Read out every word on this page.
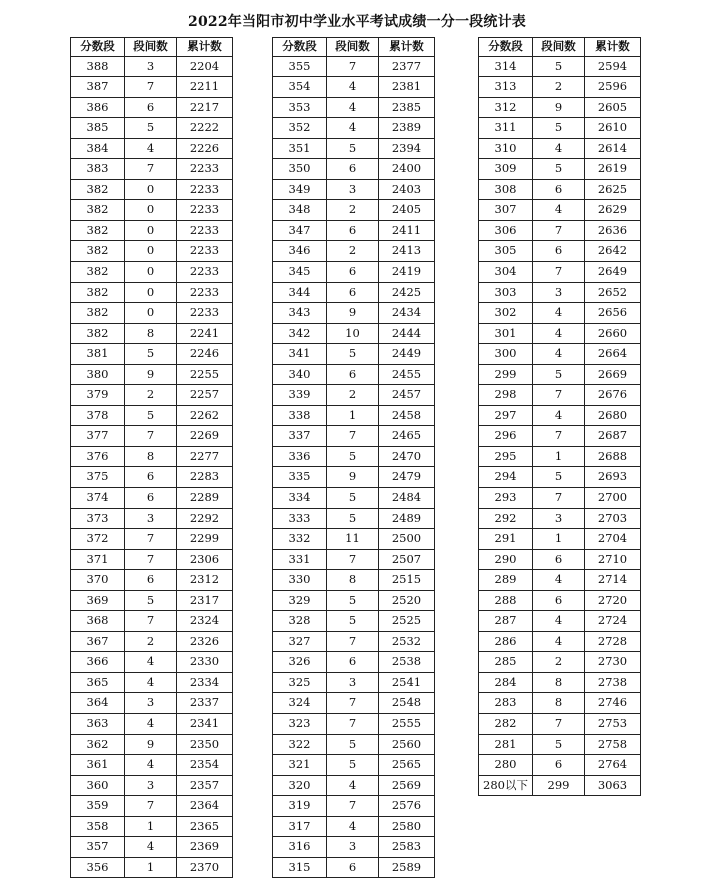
2022年当阳市初中学业水平考试成绩一分一段统计表
分数段	段间数	累计数
388	3	2204
387	7	2211
386	6	2217
385	5	2222
384	4	2226
383	7	2233
382	0	2233
382	0	2233
382	0	2233
382	0	2233
382	0	2233
382	0	2233
382	0	2233
382	8	2241
381	5	2246
380	9	2255
379	2	2257
378	5	2262
377	7	2269
376	8	2277
375	6	2283
374	6	2289
373	3	2292
372	7	2299
371	7	2306
370	6	2312
369	5	2317
368	7	2324
367	2	2326
366	4	2330
365	4	2334
364	3	2337
363	4	2341
362	9	2350
361	4	2354
360	3	2357
359	7	2364
358	1	2365
357	4	2369
356	1	2370
分数段	段间数	累计数
355	7	2377
354	4	2381
353	4	2385
352	4	2389
351	5	2394
350	6	2400
349	3	2403
348	2	2405
347	6	2411
346	2	2413
345	6	2419
344	6	2425
343	9	2434
342	10	2444
341	5	2449
340	6	2455
339	2	2457
338	1	2458
337	7	2465
336	5	2470
335	9	2479
334	5	2484
333	5	2489
332	11	2500
331	7	2507
330	8	2515
329	5	2520
328	5	2525
327	7	2532
326	6	2538
325	3	2541
324	7	2548
323	7	2555
322	5	2560
321	5	2565
320	4	2569
319	7	2576
317	4	2580
316	3	2583
315	6	2589
分数段	段间数	累计数
314	5	2594
313	2	2596
312	9	2605
311	5	2610
310	4	2614
309	5	2619
308	6	2625
307	4	2629
306	7	2636
305	6	2642
304	7	2649
303	3	2652
302	4	2656
301	4	2660
300	4	2664
299	5	2669
298	7	2676
297	4	2680
296	7	2687
295	1	2688
294	5	2693
293	7	2700
292	3	2703
291	1	2704
290	6	2710
289	4	2714
288	6	2720
287	4	2724
286	4	2728
285	2	2730
284	8	2738
283	8	2746
282	7	2753
281	5	2758
280	6	2764
280以下	299	3063
